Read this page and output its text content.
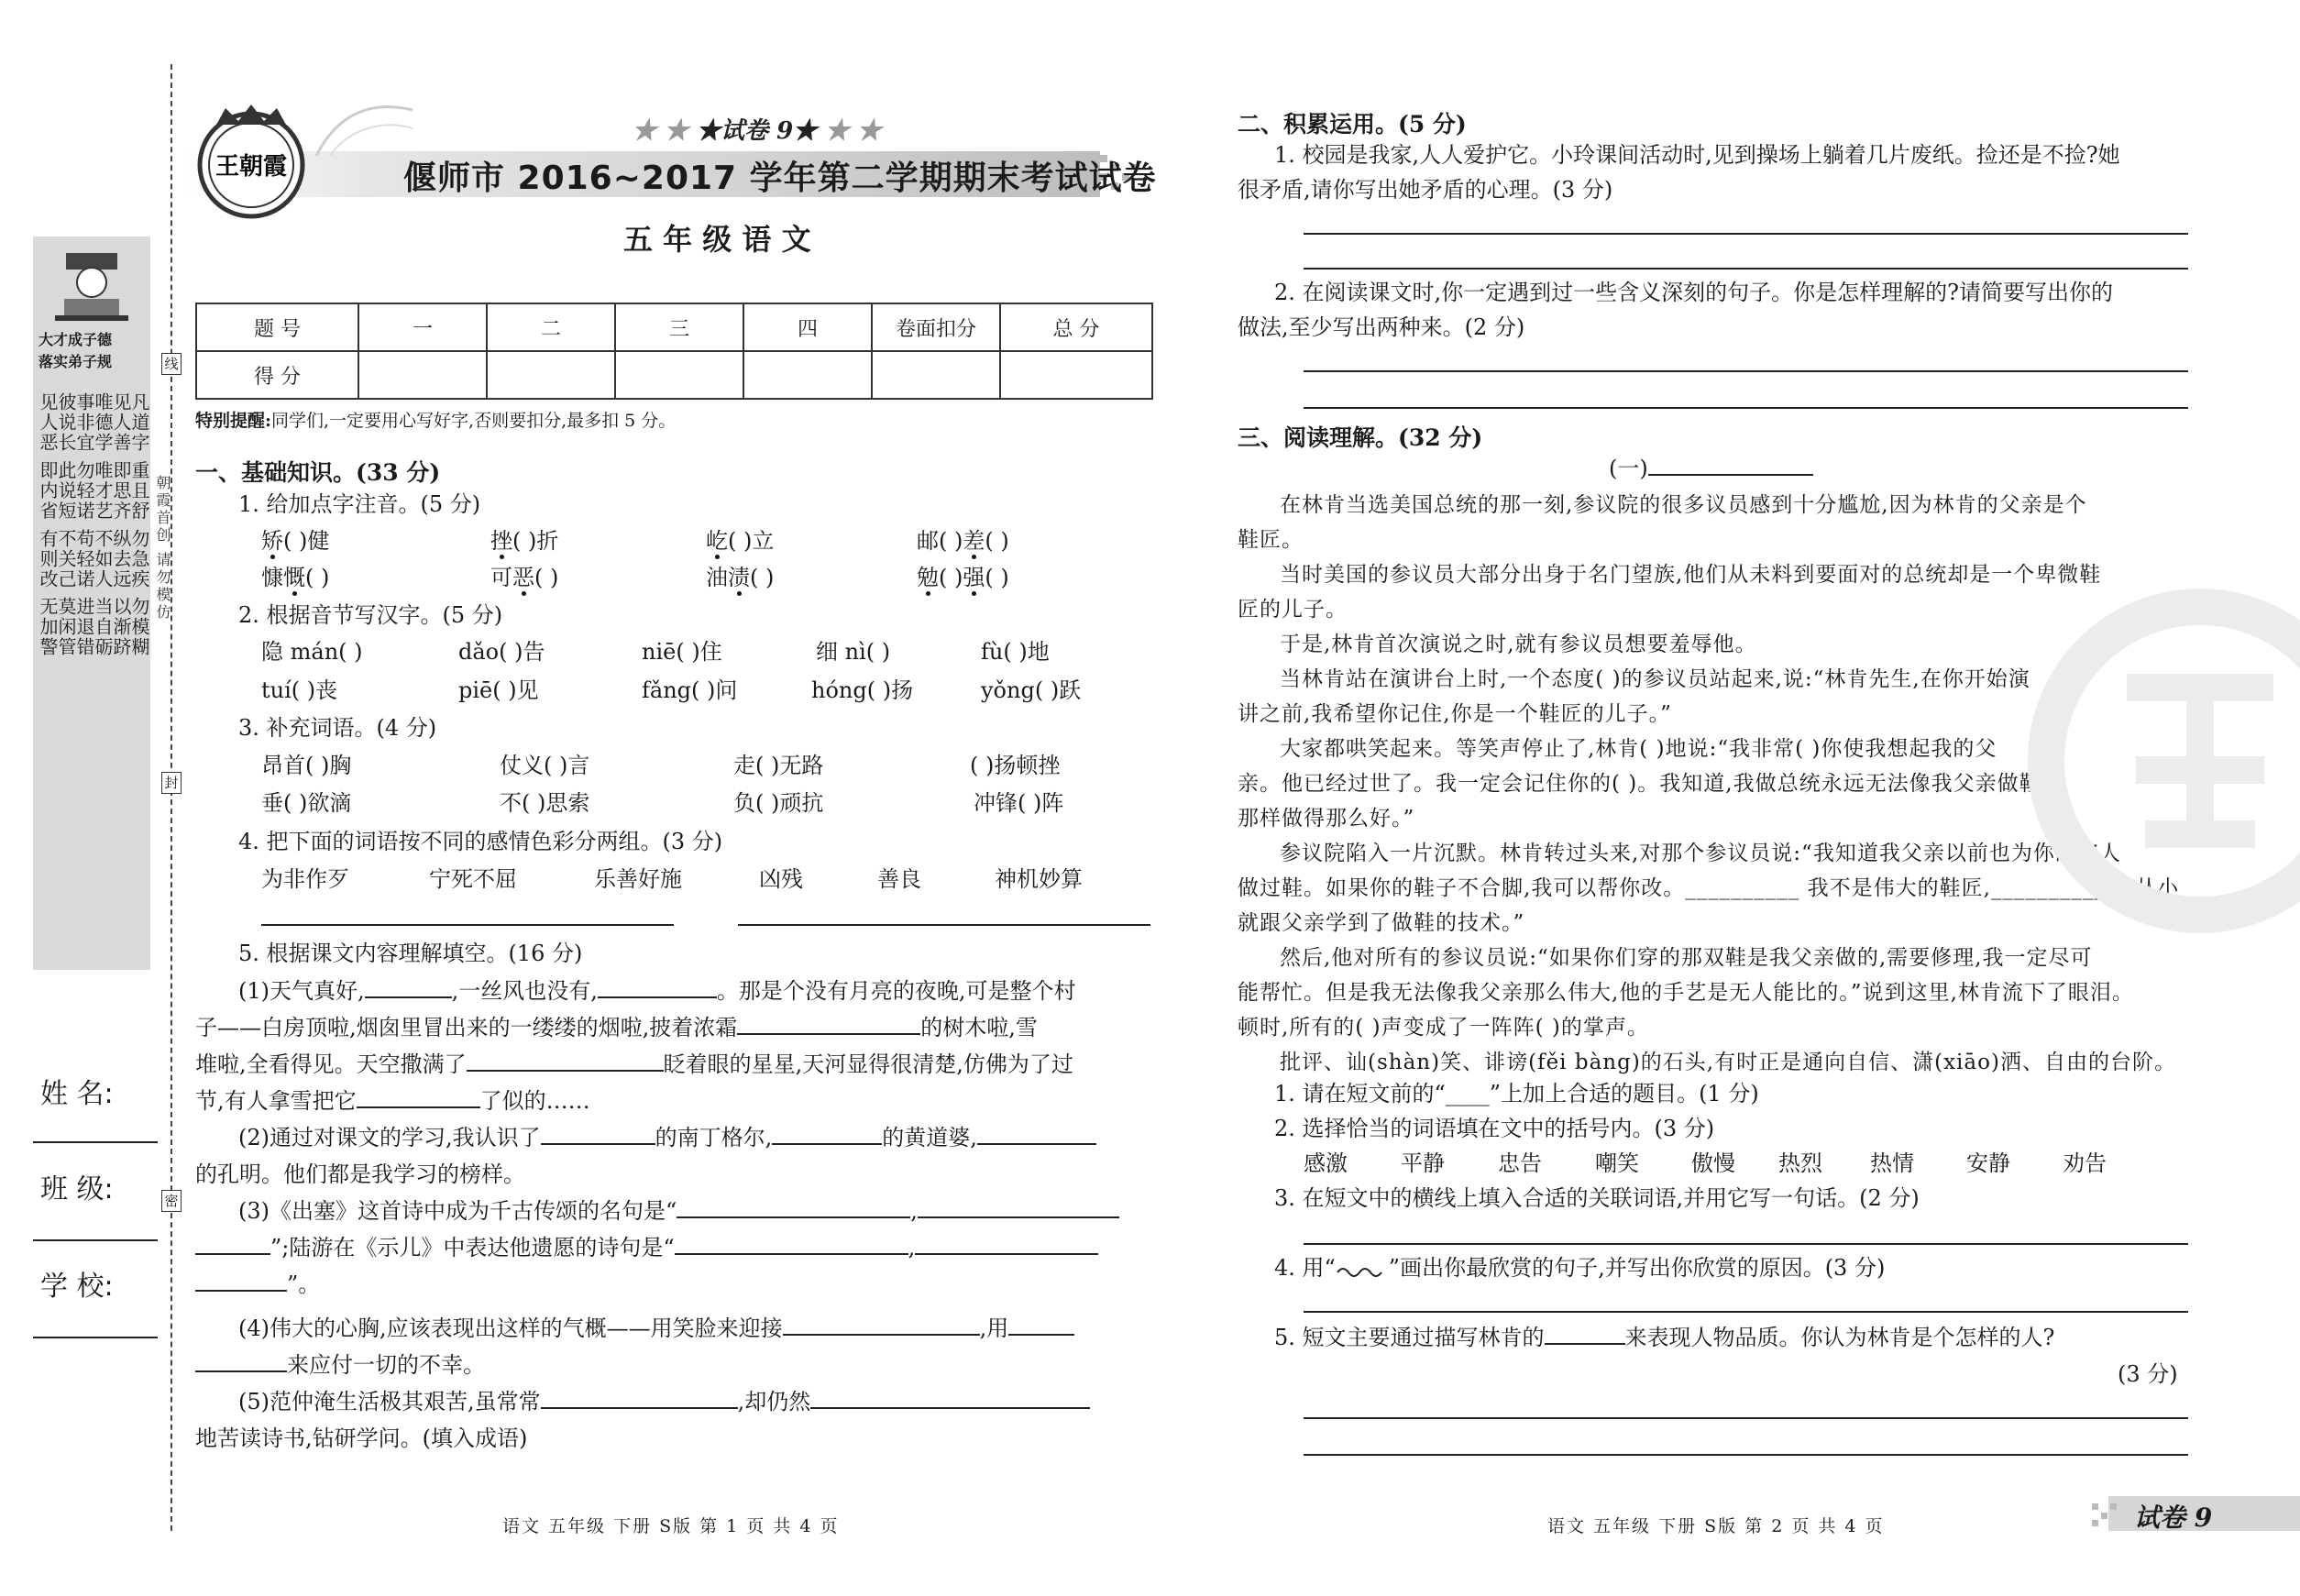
线
封
密
朝霞首创 请勿模仿
大才成子德
落实弟子规
见人恶 即内省 有则改 无加警
彼说长 此说短 不关己 莫闲管
事非宜 勿轻诺 苟轻诺 进退错
唯德学 唯才艺 不如人 当自砺
见人善 即思齐 纵去远 以渐跻
凡道字 重且舒 勿急疾 勿模糊
姓 名:
班 级:
学 校:
王朝霞
★ ★ ★试卷 9★ ★ ★
偃师市 2016~2017 学年第二学期期末考试试卷
五 年 级 语 文
题 号	一	二	三	四	卷面扣分	总 分
得 分						
特别提醒:同学们,一定要用心写好字,否则要扣分,最多扣 5 分。
一、基础知识。(33 分)
1. 给加点字注音。(5 分)
矫( )健	挫( )折	屹( )立	邮( )差( )
慷慨( )	可恶( )	油渍( )	勉( )强( )
2. 根据音节写汉字。(5 分)
隐 mán( )	dǎo( )告	niē( )住	细 nì( )	fù( )地
tuí( )丧	piē( )见	fǎng( )问	hóng( )扬	yǒng( )跃
3. 补充词语。(4 分)
昂首( )胸	仗义( )言	走( )无路	( )扬顿挫
垂( )欲滴	不( )思索	负( )顽抗	冲锋( )阵
4. 把下面的词语按不同的感情色彩分两组。(3 分)
为非作歹	宁死不屈	乐善好施	凶残	善良	神机妙算
5. 根据课文内容理解填空。(16 分)
(1)天气真好,	,一丝风也没有,	。那是个没有月亮的夜晚,可是整个村
子——白房顶啦,烟囱里冒出来的一缕缕的烟啦,披着浓霜	的树木啦,雪
堆啦,全看得见。天空撒满了	眨着眼的星星,天河显得很清楚,仿佛为了过
节,有人拿雪把它	了似的……
(2)通过对课文的学习,我认识了	的南丁格尔,	的黄道婆,
的孔明。他们都是我学习的榜样。
(3)《出塞》这首诗中成为千古传颂的名句是“	,
”;陆游在《示儿》中表达他遗愿的诗句是“	,
”。
(4)伟大的心胸,应该表现出这样的气概——用笑脸来迎接	,用
来应付一切的不幸。
(5)范仲淹生活极其艰苦,虽常常	,却仍然
地苦读诗书,钻研学问。(填入成语)
二、积累运用。(5 分)
1. 校园是我家,人人爱护它。小玲课间活动时,见到操场上躺着几片废纸。捡还是不捡?她
很矛盾,请你写出她矛盾的心理。(3 分)
2. 在阅读课文时,你一定遇到过一些含义深刻的句子。你是怎样理解的?请简要写出你的
做法,至少写出两种来。(2 分)
三、阅读理解。(32 分)
(一)
在林肯当选美国总统的那一刻,参议院的很多议员感到十分尴尬,因为林肯的父亲是个
鞋匠。
当时美国的参议员大部分出身于名门望族,他们从未料到要面对的总统却是一个卑微鞋
匠的儿子。
于是,林肯首次演说之时,就有参议员想要羞辱他。
当林肯站在演讲台上时,一个态度( )的参议员站起来,说:“林肯先生,在你开始演
讲之前,我希望你记住,你是一个鞋匠的儿子。”
大家都哄笑起来。等笑声停止了,林肯( )地说:“我非常( )你使我想起我的父
亲。他已经过世了。我一定会记住你的( )。我知道,我做总统永远无法像我父亲做鞋匠
那样做得那么好。”
参议院陷入一片沉默。林肯转过头来,对那个参议员说:“我知道我父亲以前也为你的家人
做过鞋。如果你的鞋子不合脚,我可以帮你改。__________ 我不是伟大的鞋匠,__________ 我从小
就跟父亲学到了做鞋的技术。”
然后,他对所有的参议员说:“如果你们穿的那双鞋是我父亲做的,需要修理,我一定尽可
能帮忙。但是我无法像我父亲那么伟大,他的手艺是无人能比的。”说到这里,林肯流下了眼泪。
顿时,所有的( )声变成了一阵阵( )的掌声。
批评、讪(shàn)笑、诽谤(fěi bàng)的石头,有时正是通向自信、潇(xiāo)洒、自由的台阶。
1. 请在短文前的“____”上加上合适的题目。(1 分)
2. 选择恰当的词语填在文中的括号内。(3 分)
感激 平静 忠告 嘲笑 傲慢 热烈 热情 安静 劝告
3. 在短文中的横线上填入合适的关联词语,并用它写一句话。(2 分)
4. 用“ ”画出你最欣赏的句子,并写出你欣赏的原因。(3 分)
5. 短文主要通过描写林肯的	来表现人物品质。你认为林肯是个怎样的人?
(3 分)
语文 五年级 下册 S版 第 1 页 共 4 页	语文 五年级 下册 S版 第 2 页 共 4 页	试卷 9
